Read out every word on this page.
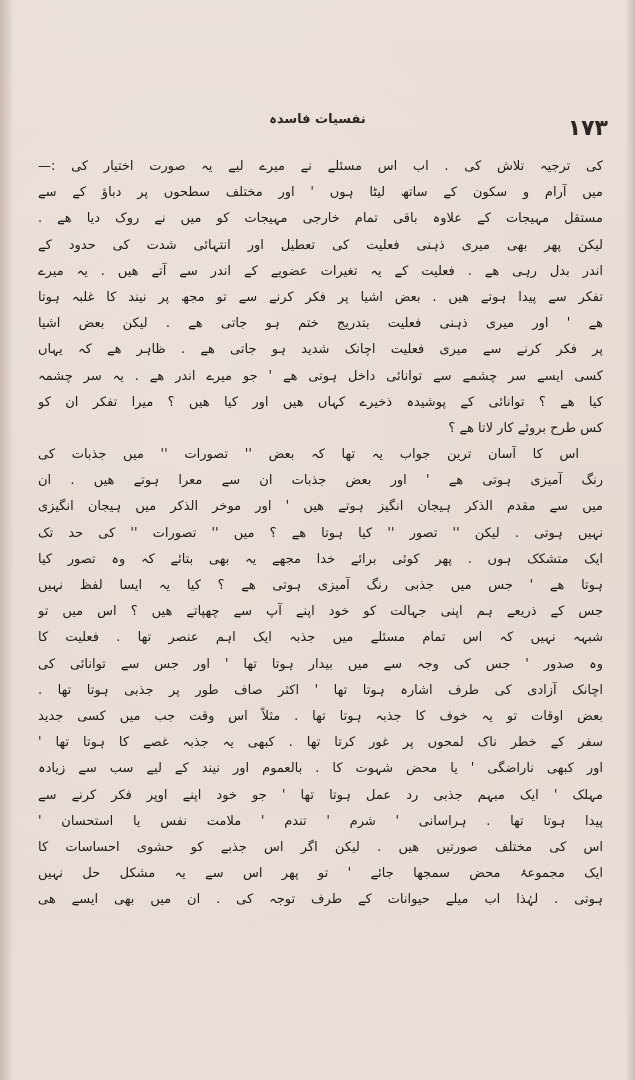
نفسیات فاسدہ	۱۷۳
کی ترجیہ تلاش کی . اب اس مسئلے نے میرے لیے یہ صورت اختیار کی :—
میں آرام و سکون کے ساتھ لیٹا ہوں ' اور مختلف سطحوں پر دباؤ کے سے
مستقل مہیجات کے علاوہ باقی تمام خارجی مہیجات کو میں نے روک دیا ھے .
لیکن پھر بھی میری ذہنی فعلیت کی تعطیل اور انتہائی شدت کی حدود کے
اندر بدل رہی ھے . فعلیت کے یہ تغیرات عضویے کے اندر سے آتے ھیں . یہ میرے
تفکر سے پیدا ہوتے ھیں . بعض اشیا پر فکر کرنے سے تو مجھ پر نیند کا غلبہ ہوتا
ھے ' اور میری ذہنی فعلیت بتدریج ختم ہو جاتی ھے . لیکن بعض اشیا
پر فکر کرنے سے میری فعلیت اچانک شدید ہو جاتی ھے . ظاہر ھے کہ یہاں
کسی ایسے سر چشمے سے توانائی داخل ہوتی ھے ' جو میرے اندر ھے . یہ سر چشمہ
کیا ھے ؟ توانائی کے پوشیدہ ذخیرے کہاں ھیں اور کیا ھیں ؟ میرا تفکر ان کو
کس طرح بروئے کار لاتا ھے ؟
اس کا آسان ترین جواب یہ تھا کہ بعض '' تصورات '' میں جذبات کی
رنگ آمیزی ہوتی ھے ' اور بعض جذبات ان سے معرا ہوتے ھیں . ان
میں سے مقدم الذکر ہیجان انگیز ہوتے ھیں ' اور موخر الذکر میں ہیجان انگیزی
نہیں ہوتی . لیکن '' تصور '' کیا ہوتا ھے ؟ میں '' تصورات '' کی حد تک
ایک متشکک ہوں . پھر کوئی برائے خدا مجھے یہ بھی بتائے کہ وہ تصور کیا
ہوتا ھے ' جس میں جذبی رنگ آمیزی ہوتی ھے ؟ کیا یہ ایسا لفظ نہیں
جس کے ذریعے ہم اپنی جہالت کو خود اپنے آپ سے چھپاتے ھیں ؟ اس میں تو
شبہہ نہیں کہ اس تمام مسئلے میں جذبہ ایک اہم عنصر تھا . فعلیت کا
وہ صدور ' جس کی وجہ سے میں بیدار ہوتا تھا ' اور جس سے توانائی کی
اچانک آزادی کی طرف اشارہ ہوتا تھا ' اکثر صاف طور پر جذبی ہوتا تھا .
بعض اوقات تو یہ خوف کا جذبہ ہوتا تھا . مثلاً اس وقت جب میں کسی جدید
سفر کے خطر ناک لمحوں پر غور کرتا تھا . کبھی یہ جذبہ غصے کا ہوتا تھا '
اور کبھی ناراضگی ' یا محض شہوت کا . بالعموم اور نیند کے لیے سب سے زیادہ
مہلک ' ایک مبہم جذبی رد عمل ہوتا تھا ' جو خود اپنے اوپر فکر کرنے سے
پیدا ہوتا تھا . ہراسانی ' شرم ' تندم ' ملامت نفس یا استحسان '
اس کی مختلف صورتیں ھیں . لیکن اگر اس جذبے کو حشوی احساسات کا
ایک مجموعۂ محض سمجھا جائے ' تو پھر اس سے یہ مشکل حل نہیں
ہوتی . لہٰذا اب میلے حیوانات کے طرف توجہ کی . ان میں بھی ایسے ھی
